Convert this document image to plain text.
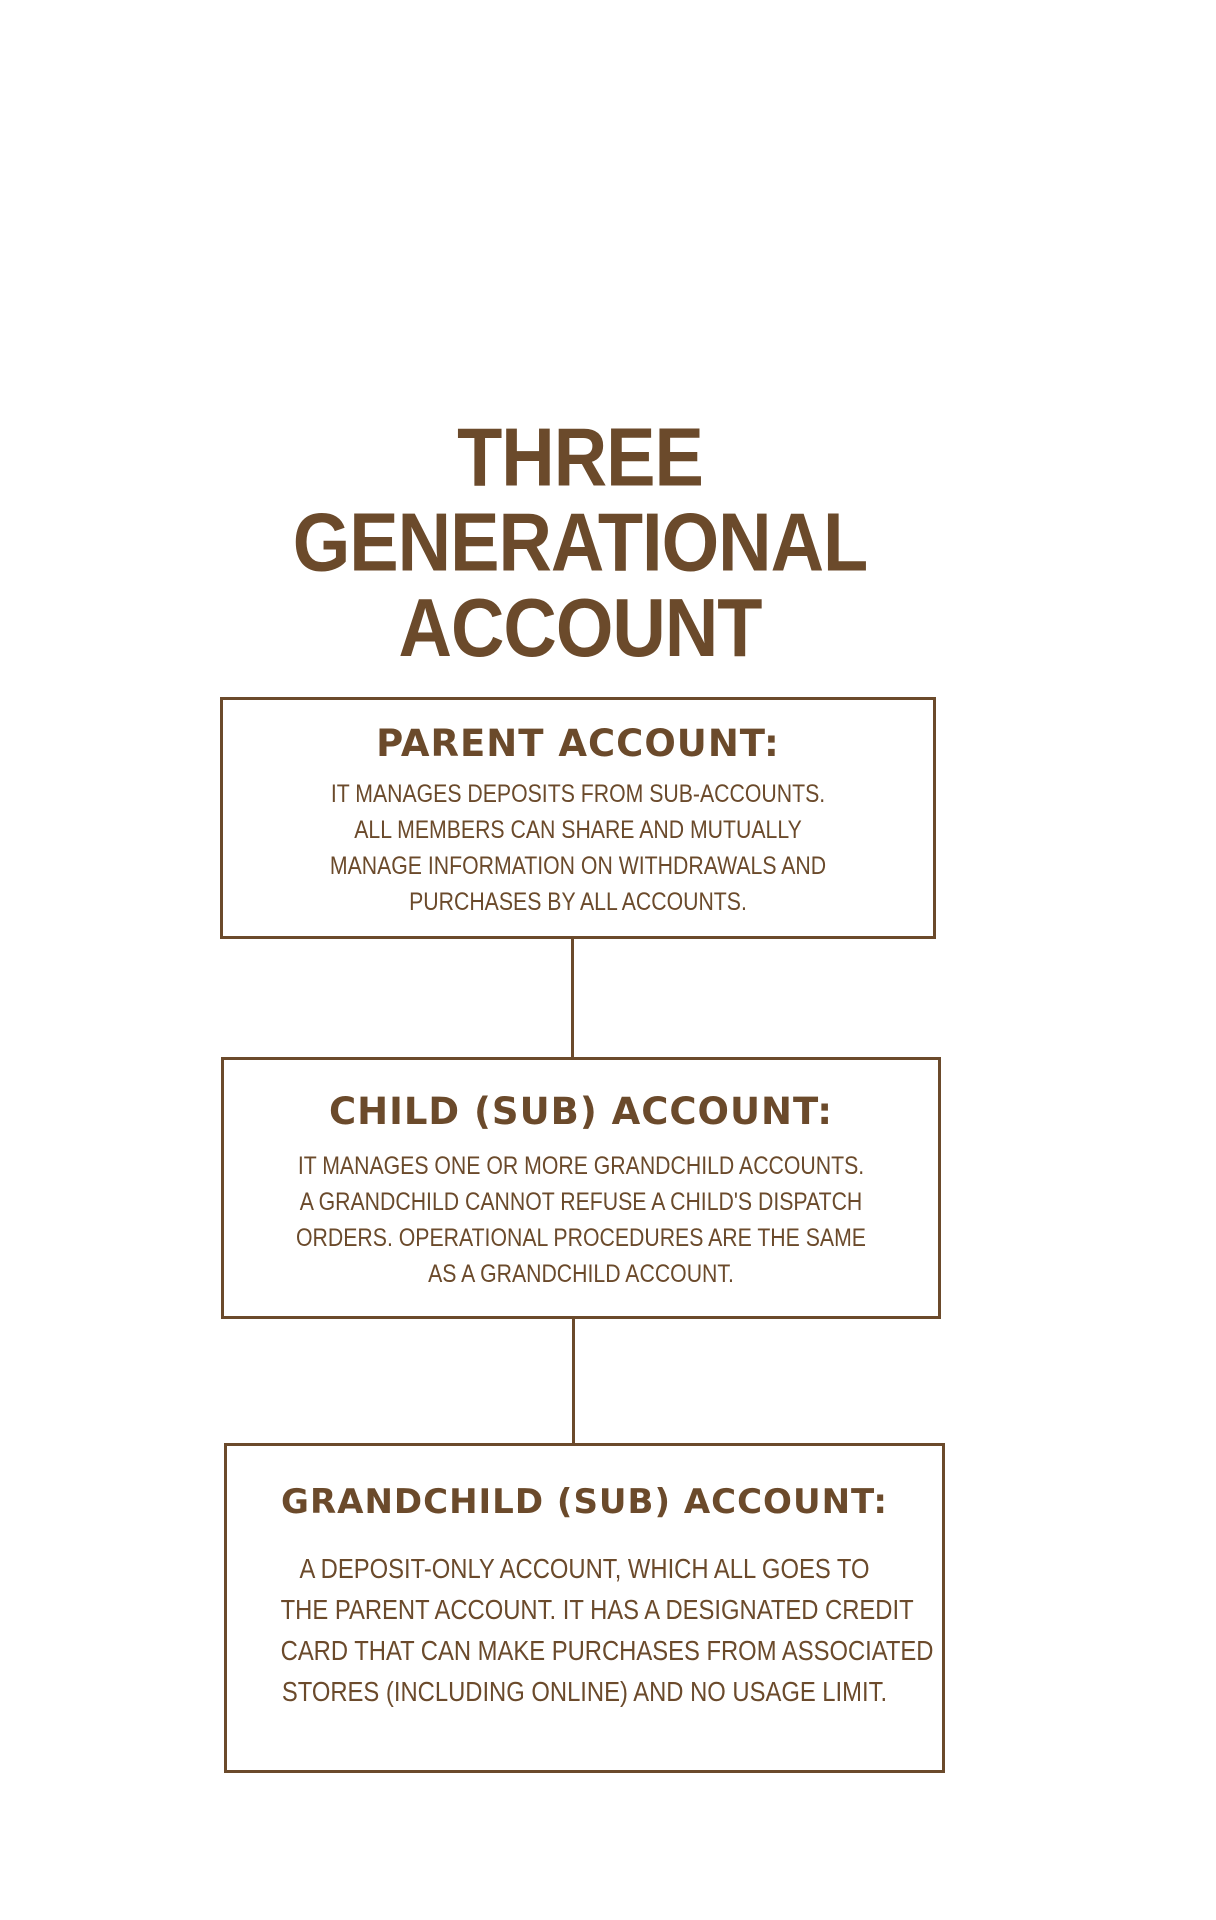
THREE
GENERATIONAL
ACCOUNT
PARENT ACCOUNT:
IT MANAGES DEPOSITS FROM SUB-ACCOUNTS.
ALL MEMBERS CAN SHARE AND MUTUALLY
MANAGE INFORMATION ON WITHDRAWALS AND
PURCHASES BY ALL ACCOUNTS.
CHILD (SUB) ACCOUNT:
IT MANAGES ONE OR MORE GRANDCHILD ACCOUNTS.
A GRANDCHILD CANNOT REFUSE A CHILD'S DISPATCH
ORDERS. OPERATIONAL PROCEDURES ARE THE SAME
AS A GRANDCHILD ACCOUNT.
GRANDCHILD (SUB) ACCOUNT:
A DEPOSIT-ONLY ACCOUNT, WHICH ALL GOES TO
THE PARENT ACCOUNT. IT HAS A DESIGNATED CREDIT
CARD THAT CAN MAKE PURCHASES FROM ASSOCIATED
STORES (INCLUDING ONLINE) AND NO USAGE LIMIT.
